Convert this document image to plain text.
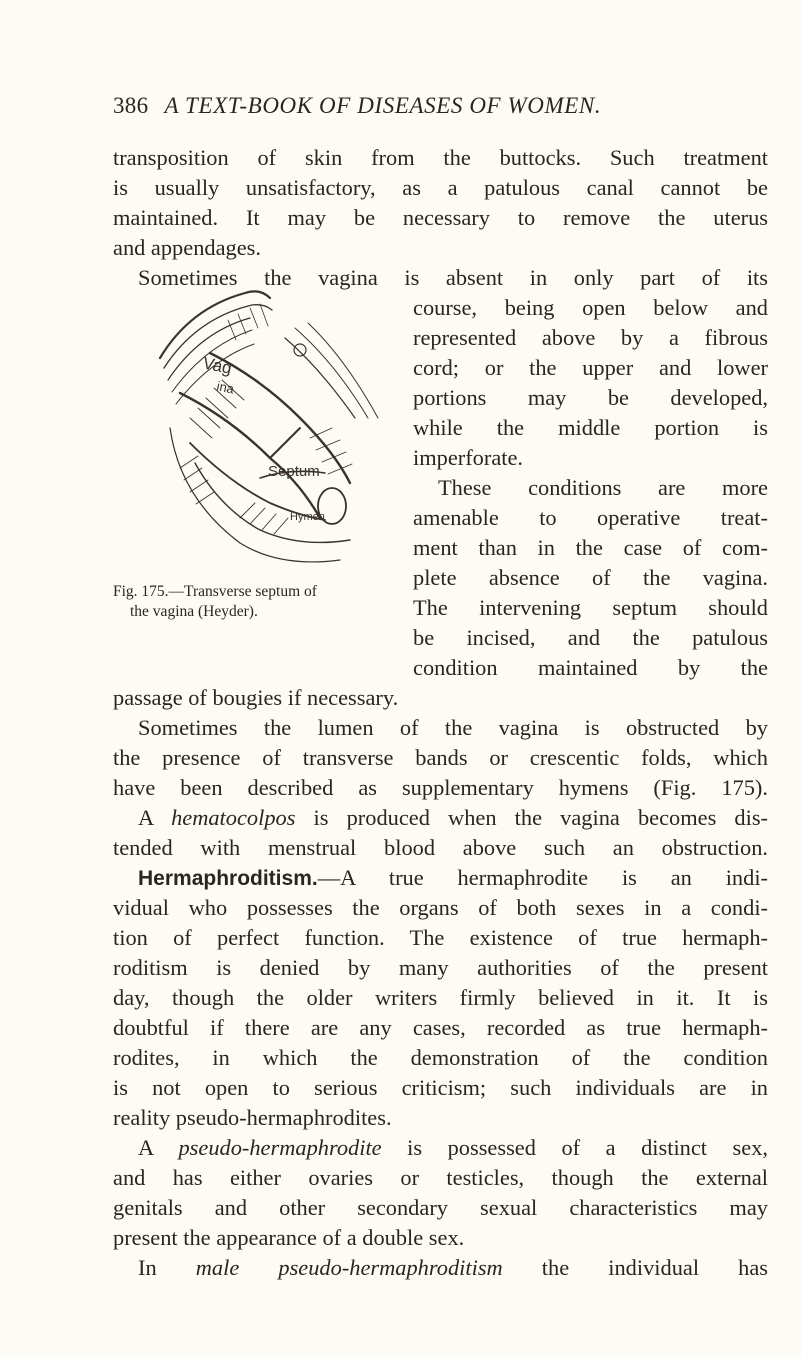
386 A TEXT-BOOK OF DISEASES OF WOMEN.
transposition of skin from the buttocks. Such treatment
is usually unsatisfactory, as a patulous canal cannot be
maintained. It may be necessary to remove the uterus
and appendages.
Sometimes the vagina is absent in only part of its
Vag
ina
Septum
Hymen
Fig. 175.—Transverse septum of
the vagina (Heyder).
course, being open below and
represented above by a fibrous
cord; or the upper and lower
portions may be developed,
while the middle portion is
imperforate.
These conditions are more
amenable to operative treat-
ment than in the case of com-
plete absence of the vagina.
The intervening septum should
be incised, and the patulous
condition maintained by the
passage of bougies if necessary.
Sometimes the lumen of the vagina is obstructed by
the presence of transverse bands or crescentic folds, which
have been described as supplementary hymens (Fig. 175).
A hematocolpos is produced when the vagina becomes dis-
tended with menstrual blood above such an obstruction.
Hermaphroditism.—A true hermaphrodite is an indi-
vidual who possesses the organs of both sexes in a condi-
tion of perfect function. The existence of true hermaph-
roditism is denied by many authorities of the present
day, though the older writers firmly believed in it. It is
doubtful if there are any cases, recorded as true hermaph-
rodites, in which the demonstration of the condition
is not open to serious criticism; such individuals are in
reality pseudo-hermaphrodites.
A pseudo-hermaphrodite is possessed of a distinct sex,
and has either ovaries or testicles, though the external
genitals and other secondary sexual characteristics may
present the appearance of a double sex.
In male pseudo-hermaphroditism the individual has
